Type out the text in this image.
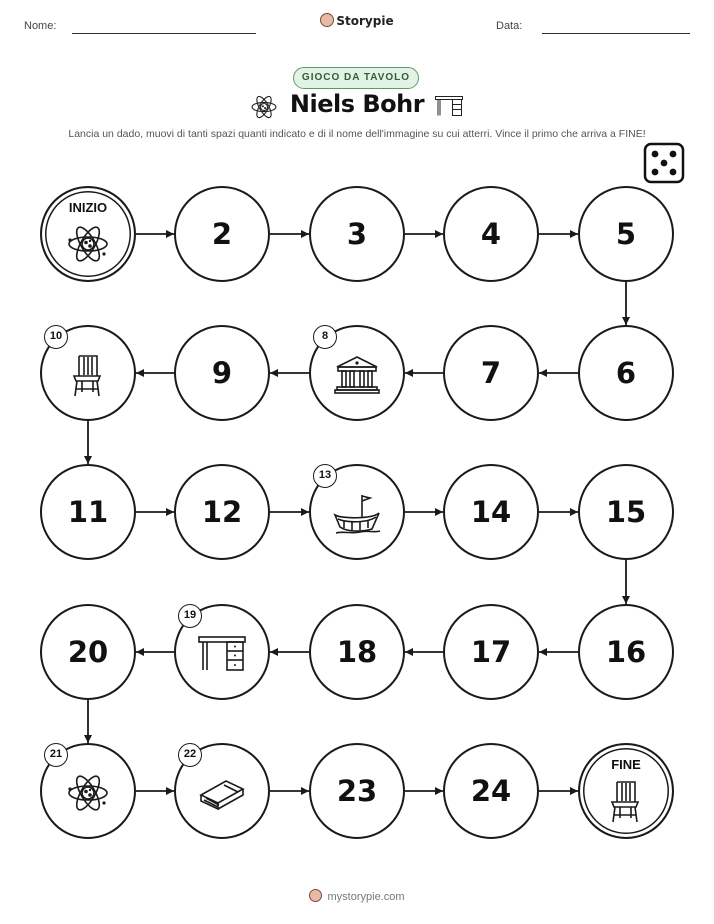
Nome:	Storypie	Data:
GIOCO DA TAVOLO
Niels Bohr
Lancia un dado, muovi di tanti spazi quanti indicato e di il nome dell'immagine su cui atterri. Vince il primo che arriva a FINE!
INIZIO
2	3	4	5
6
7
8
9
10
11	12
13
14	15
16
17
18
19
20
21	22
23	24
FINE
mystorypie.com
